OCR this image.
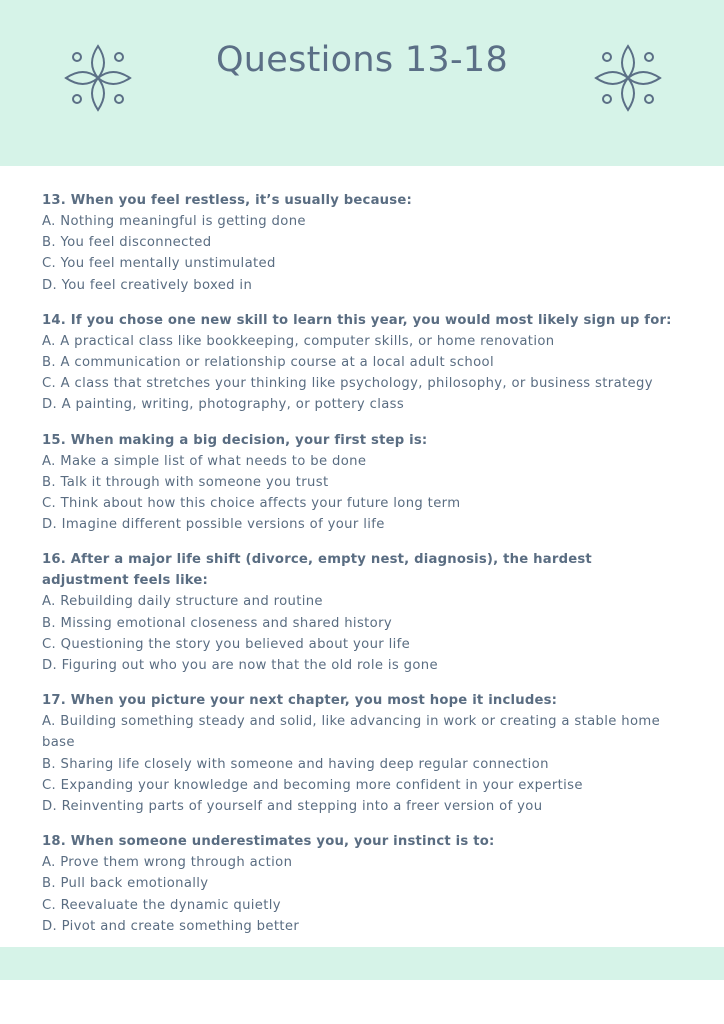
Questions 13-18
13. When you feel restless, it’s usually because:
A. Nothing meaningful is getting done
B. You feel disconnected
C. You feel mentally unstimulated
D. You feel creatively boxed in
14. If you chose one new skill to learn this year, you would most likely sign up for:
A. A practical class like bookkeeping, computer skills, or home renovation
B. A communication or relationship course at a local adult school
C. A class that stretches your thinking like psychology, philosophy, or business strategy
D. A painting, writing, photography, or pottery class
15. When making a big decision, your first step is:
A. Make a simple list of what needs to be done
B. Talk it through with someone you trust
C. Think about how this choice affects your future long term
D. Imagine different possible versions of your life
16. After a major life shift (divorce, empty nest, diagnosis), the hardest adjustment feels like:
A. Rebuilding daily structure and routine
B. Missing emotional closeness and shared history
C. Questioning the story you believed about your life
D. Figuring out who you are now that the old role is gone
17. When you picture your next chapter, you most hope it includes:
A. Building something steady and solid, like advancing in work or creating a stable home base
B. Sharing life closely with someone and having deep regular connection
C. Expanding your knowledge and becoming more confident in your expertise
D. Reinventing parts of yourself and stepping into a freer version of you
18. When someone underestimates you, your instinct is to:
A. Prove them wrong through action
B. Pull back emotionally
C. Reevaluate the dynamic quietly
D. Pivot and create something better
